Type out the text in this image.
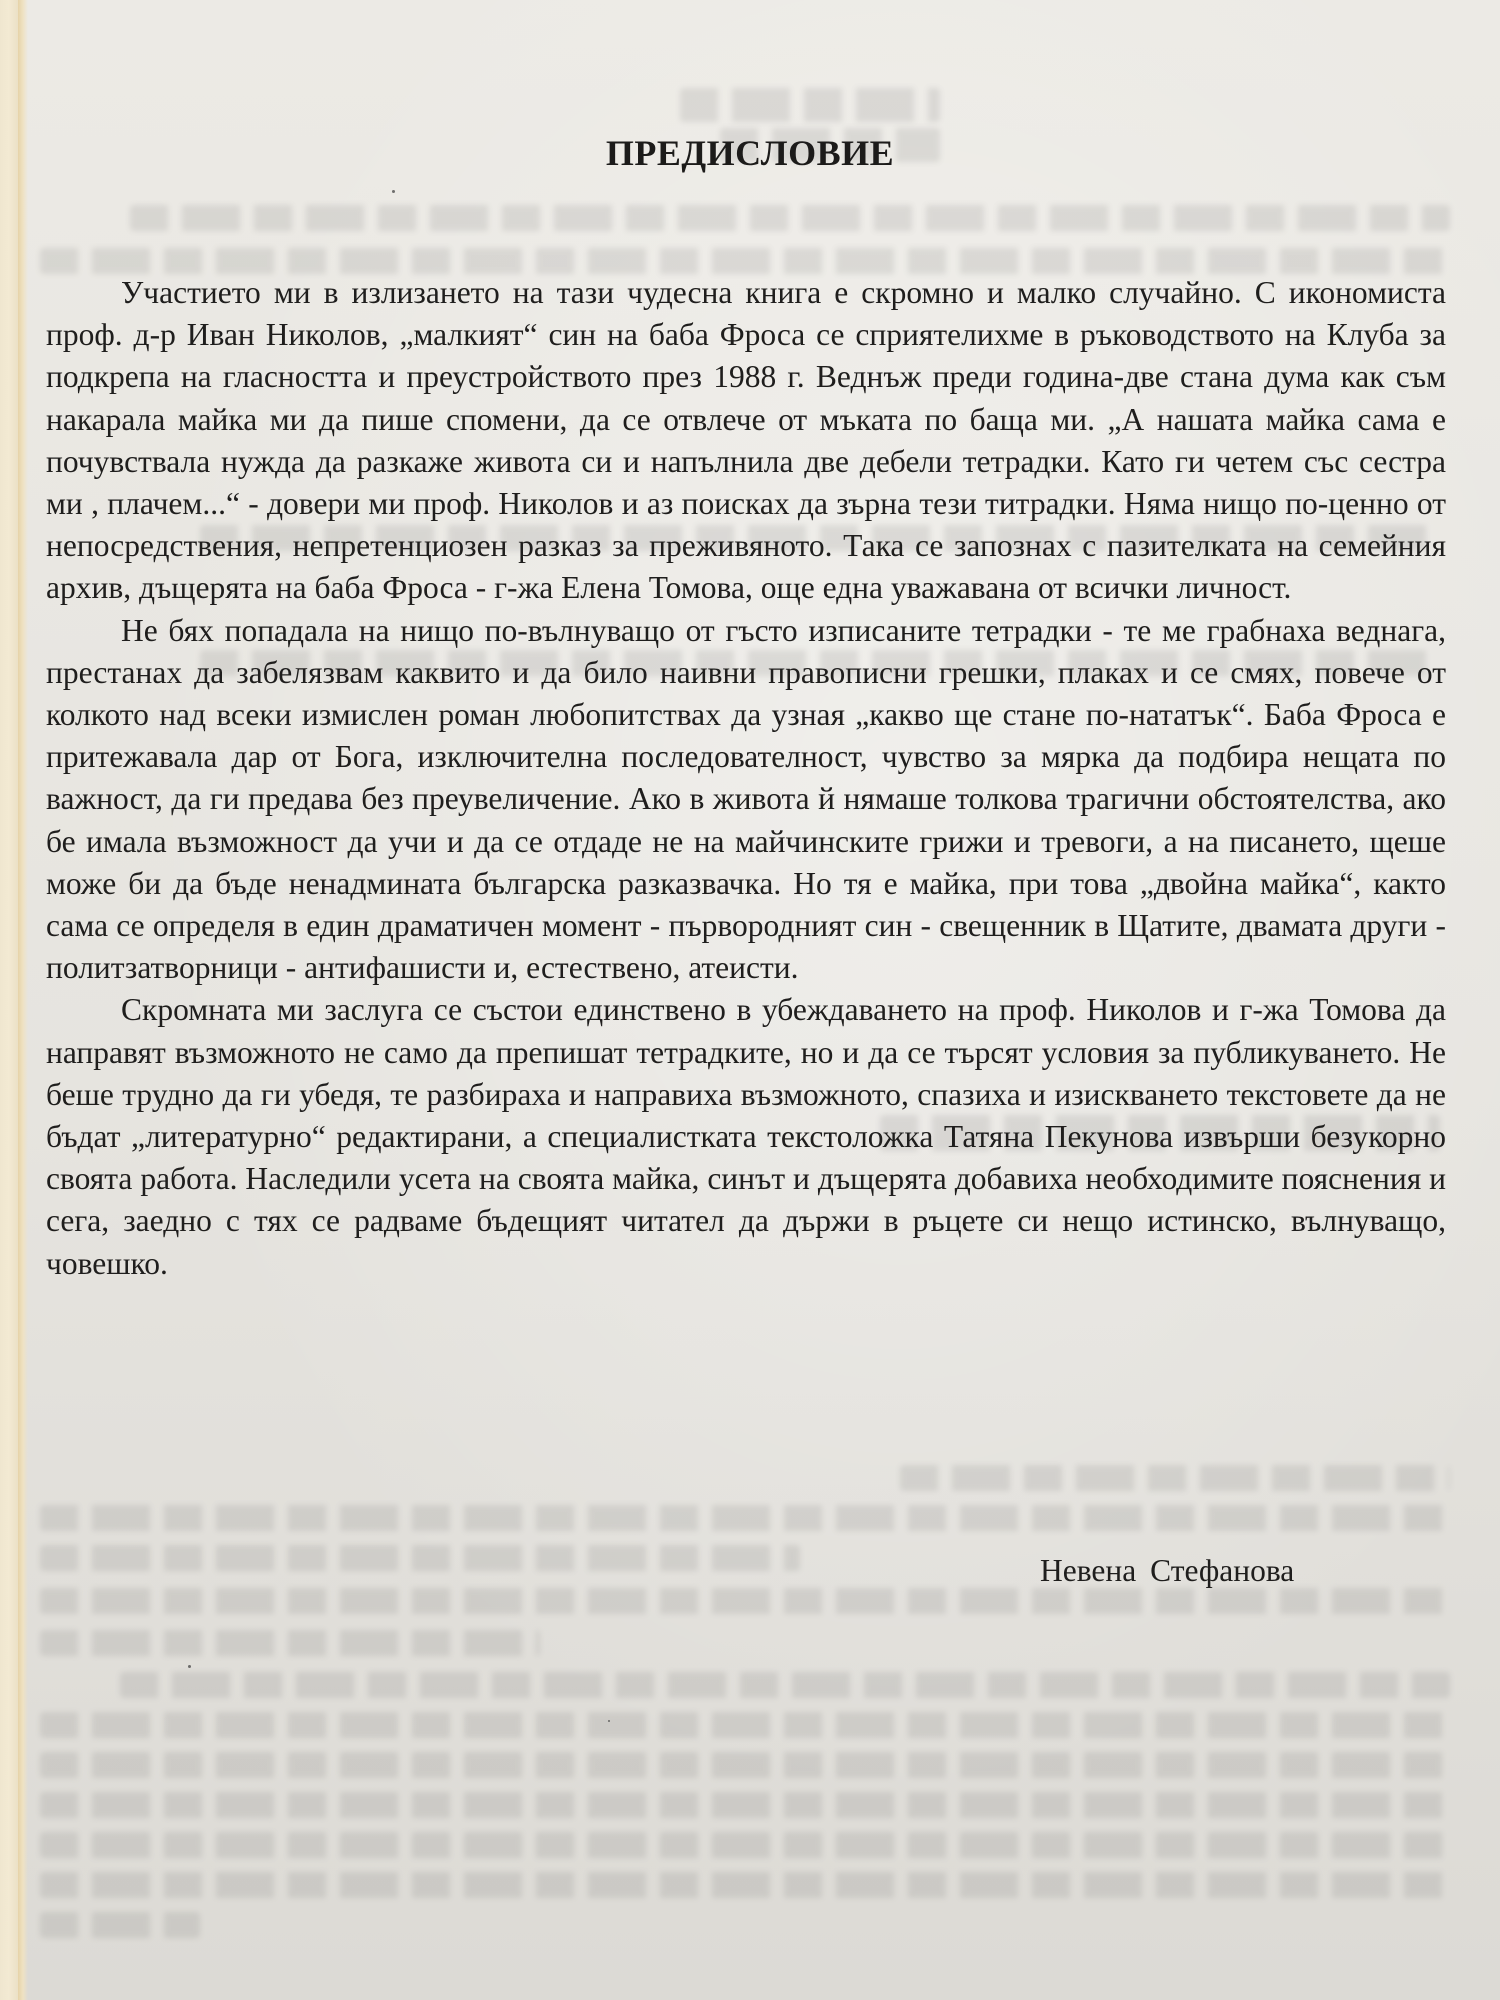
ПРЕДИСЛОВИЕ

Участието ми в излизането на тази чудесна книга е скромно и малко случайно. С икономиста проф. д-р Иван Николов, „малкият“ син на баба Фроса се сприятелихме в ръководството на Клуба за подкрепа на гласността и преустройството през 1988 г. Веднъж преди година-две стана дума как съм накарала майка ми да пише спомени, да се отвлече от мъката по баща ми. „А нашата майка сама е почувствала нужда да разкаже живота си и напълнила две дебели тетрадки. Като ги четем със сестра ми , плачем...“ - довери ми проф. Николов и аз поисках да зърна тези титрадки. Няма нищо по-ценно от непосредствения, непретенциозен разказ за преживяното. Така се запознах с пазителката на семейния архив, дъщерята на баба Фроса - г-жа Елена Томова, още една уважавана от всички личност.

Не бях попадала на нищо по-вълнуващо от гъсто изписаните тетрадки - те ме грабнаха веднага, престанах да забелязвам каквито и да било наивни правописни грешки, плаках и се смях, повече от колкото над всеки измислен роман любопитствах да узная „какво ще стане по-нататък“. Баба Фроса е притежавала дар от Бога, изключителна последователност, чувство за мярка да подбира нещата по важност, да ги предава без преувеличение. Ако в живота й нямаше толкова трагични обстоятелства, ако бе имала възможност да учи и да се отдаде не на майчинските грижи и тревоги, а на писането, щеше може би да бъде ненадмината българска разказвачка. Но тя е майка, при това „двойна майка“, както сама се определя в един драматичен момент - първородният син - свещенник в Щатите, двамата други - политзатворници - антифашисти и, естествено, атеисти.

Скромната ми заслуга се състои единствено в убеждаването на проф. Николов и г-жа Томова да направят възможното не само да препишат тетрадките, но и да се търсят условия за публикуването. Не беше трудно да ги убедя, те разбираха и направиха възможното, спазиха и изискването текстовете да не бъдат „литературно“ редактирани, а специалистката текстоложка Татяна Пекунова извърши безукорно своята работа. Наследили усета на своята майка, синът и дъщерята добавиха необходимите пояснения и сега, заедно с тях се радваме бъдещият читател да държи в ръцете си нещо истинско, вълнуващо, човешко.

Невена Стефанова
